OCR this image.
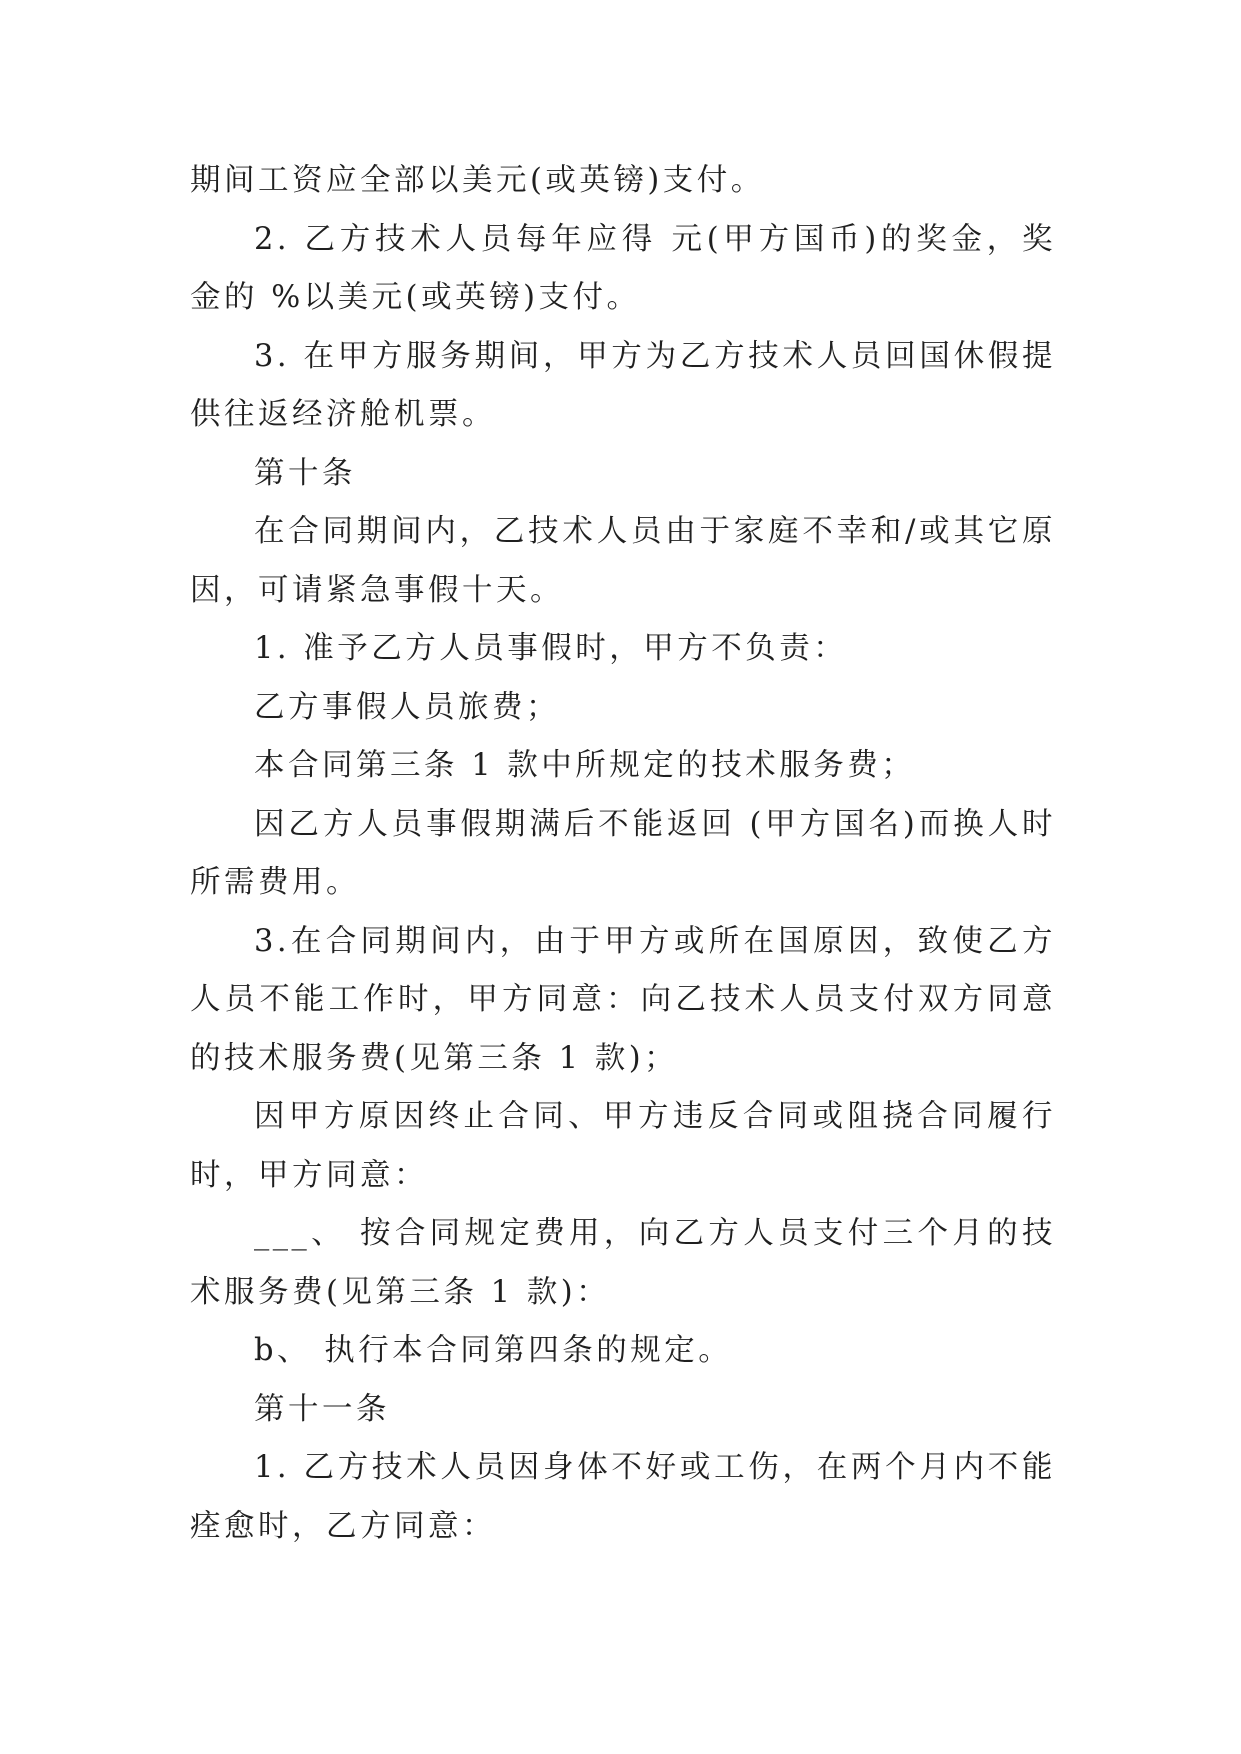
期间工资应全部以美元(或英镑)支付。

2. 乙方技术人员每年应得 元(甲方国币)的奖金，奖金的 %以美元(或英镑)支付。

3. 在甲方服务期间，甲方为乙方技术人员回国休假提供往返经济舱机票。

第十条

在合同期间内，乙技术人员由于家庭不幸和/或其它原因，可请紧急事假十天。

1. 准予乙方人员事假时，甲方不负责：

乙方事假人员旅费；

本合同第三条 1 款中所规定的技术服务费；

因乙方人员事假期满后不能返回 (甲方国名)而换人时所需费用。

3.在合同期间内，由于甲方或所在国原因，致使乙方人员不能工作时，甲方同意：向乙技术人员支付双方同意的技术服务费(见第三条 1 款)；

因甲方原因终止合同、甲方违反合同或阻挠合同履行时，甲方同意：

___、 按合同规定费用，向乙方人员支付三个月的技术服务费(见第三条 1 款)：

b、 执行本合同第四条的规定。

第十一条

1. 乙方技术人员因身体不好或工伤，在两个月内不能痊愈时，乙方同意：
